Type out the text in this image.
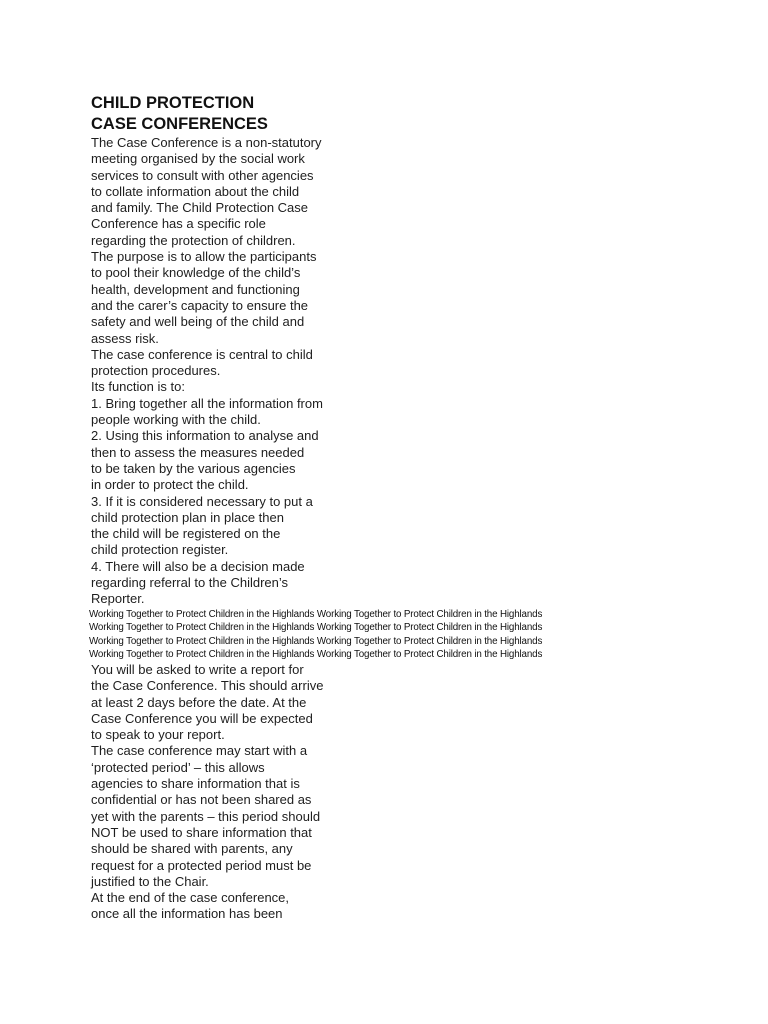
CHILD PROTECTION
CASE CONFERENCES
The Case Conference is a non-statutory
meeting organised by the social work
services to consult with other agencies
to collate information about the child
and family. The Child Protection Case
Conference has a specific role
regarding the protection of children.
The purpose is to allow the participants
to pool their knowledge of the child’s
health, development and functioning
and the carer’s capacity to ensure the
safety and well being of the child and
assess risk.
The case conference is central to child
protection procedures.
Its function is to:
1. Bring together all the information from
people working with the child.
2. Using this information to analyse and
then to assess the measures needed
to be taken by the various agencies
in order to protect the child.
3. If it is considered necessary to put a
child protection plan in place then
the child will be registered on the
child protection register.
4. There will also be a decision made
regarding referral to the Children’s
Reporter.
Working Together to Protect Children in the Highlands Working Together to Protect Children in the Highlands
Working Together to Protect Children in the Highlands Working Together to Protect Children in the Highlands
Working Together to Protect Children in the Highlands Working Together to Protect Children in the Highlands
Working Together to Protect Children in the Highlands Working Together to Protect Children in the Highlands
You will be asked to write a report for
the Case Conference. This should arrive
at least 2 days before the date. At the
Case Conference you will be expected
to speak to your report.
The case conference may start with a
‘protected period’ – this allows
agencies to share information that is
confidential or has not been shared as
yet with the parents – this period should
NOT be used to share information that
should be shared with parents, any
request for a protected period must be
justified to the Chair.
At the end of the case conference,
once all the information has been
